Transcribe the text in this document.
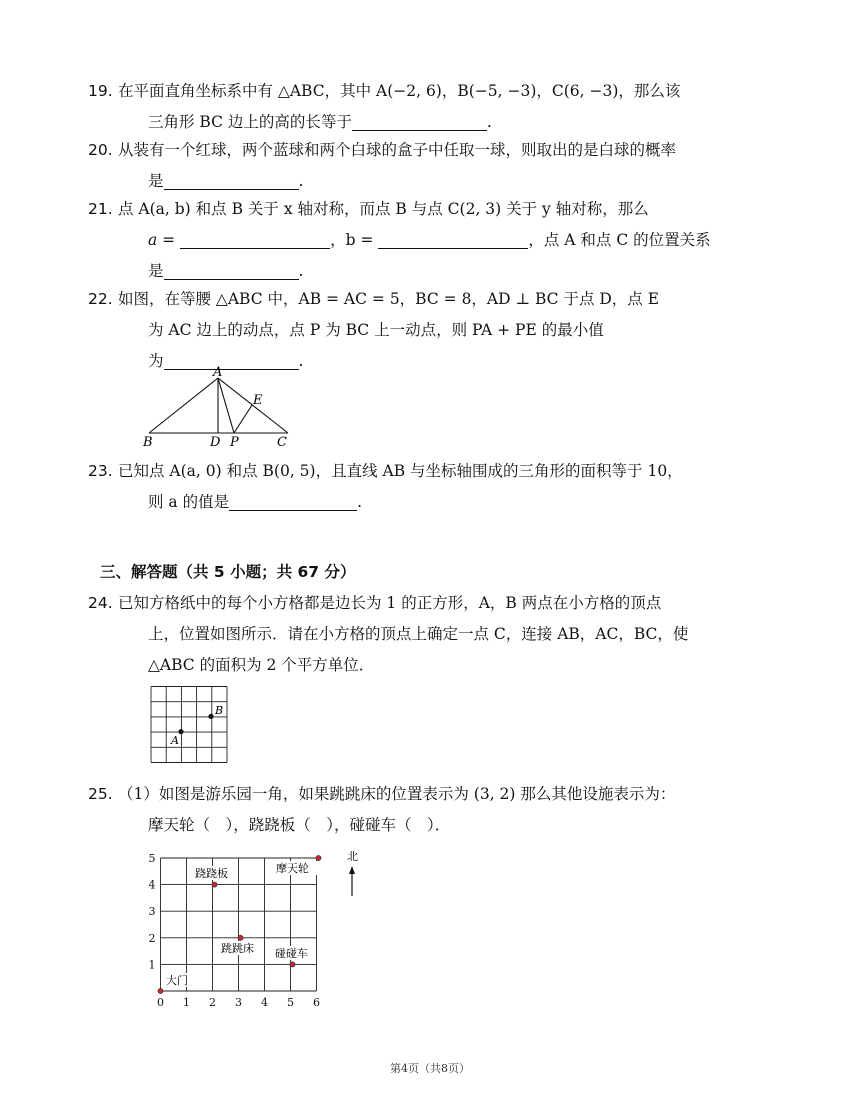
19. 在平面直角坐标系中有 △ABC，其中 A(−2, 6)，B(−5, −3)，C(6, −3)，那么该
三角形 BC 边上的高的长等于	.
20. 从装有一个红球，两个蓝球和两个白球的盒子中任取一球，则取出的是白球的概率
是	.
21. 点 A(a, b) 和点 B 关于 x 轴对称，而点 B 与点 C(2, 3) 关于 y 轴对称，那么
a =	，b =	，点 A 和点 C 的位置关系
是	.
22. 如图，在等腰 △ABC 中，AB = AC = 5，BC = 8，AD ⊥ BC 于点 D，点 E
为 AC 边上的动点，点 P 为 BC 上一动点，则 PA + PE 的最小值
为	.
A
B	C
D
E
P
23. 已知点 A(a, 0) 和点 B(0, 5)，且直线 AB 与坐标轴围成的三角形的面积等于 10，
则 a 的值是	.
三、解答题（共 5 小题；共 67 分）
24. 已知方格纸中的每个小方格都是边长为 1 的正方形，A，B 两点在小方格的顶点
上，位置如图所示．请在小方格的顶点上确定一点 C，连接 AB，AC，BC，使
△ABC 的面积为 2 个平方单位．
A
B
25. （1）如图是游乐园一角，如果跳跳床的位置表示为 (3, 2) 那么其他设施表示为：
摩天轮（　），跷跷板（　），碰碰车（　）．
0 1 2 3 4 5 6
1
2
3
4
5
跷跷板	摩天轮
跳跳床 碰碰车
大门
北
第4页（共8页）
